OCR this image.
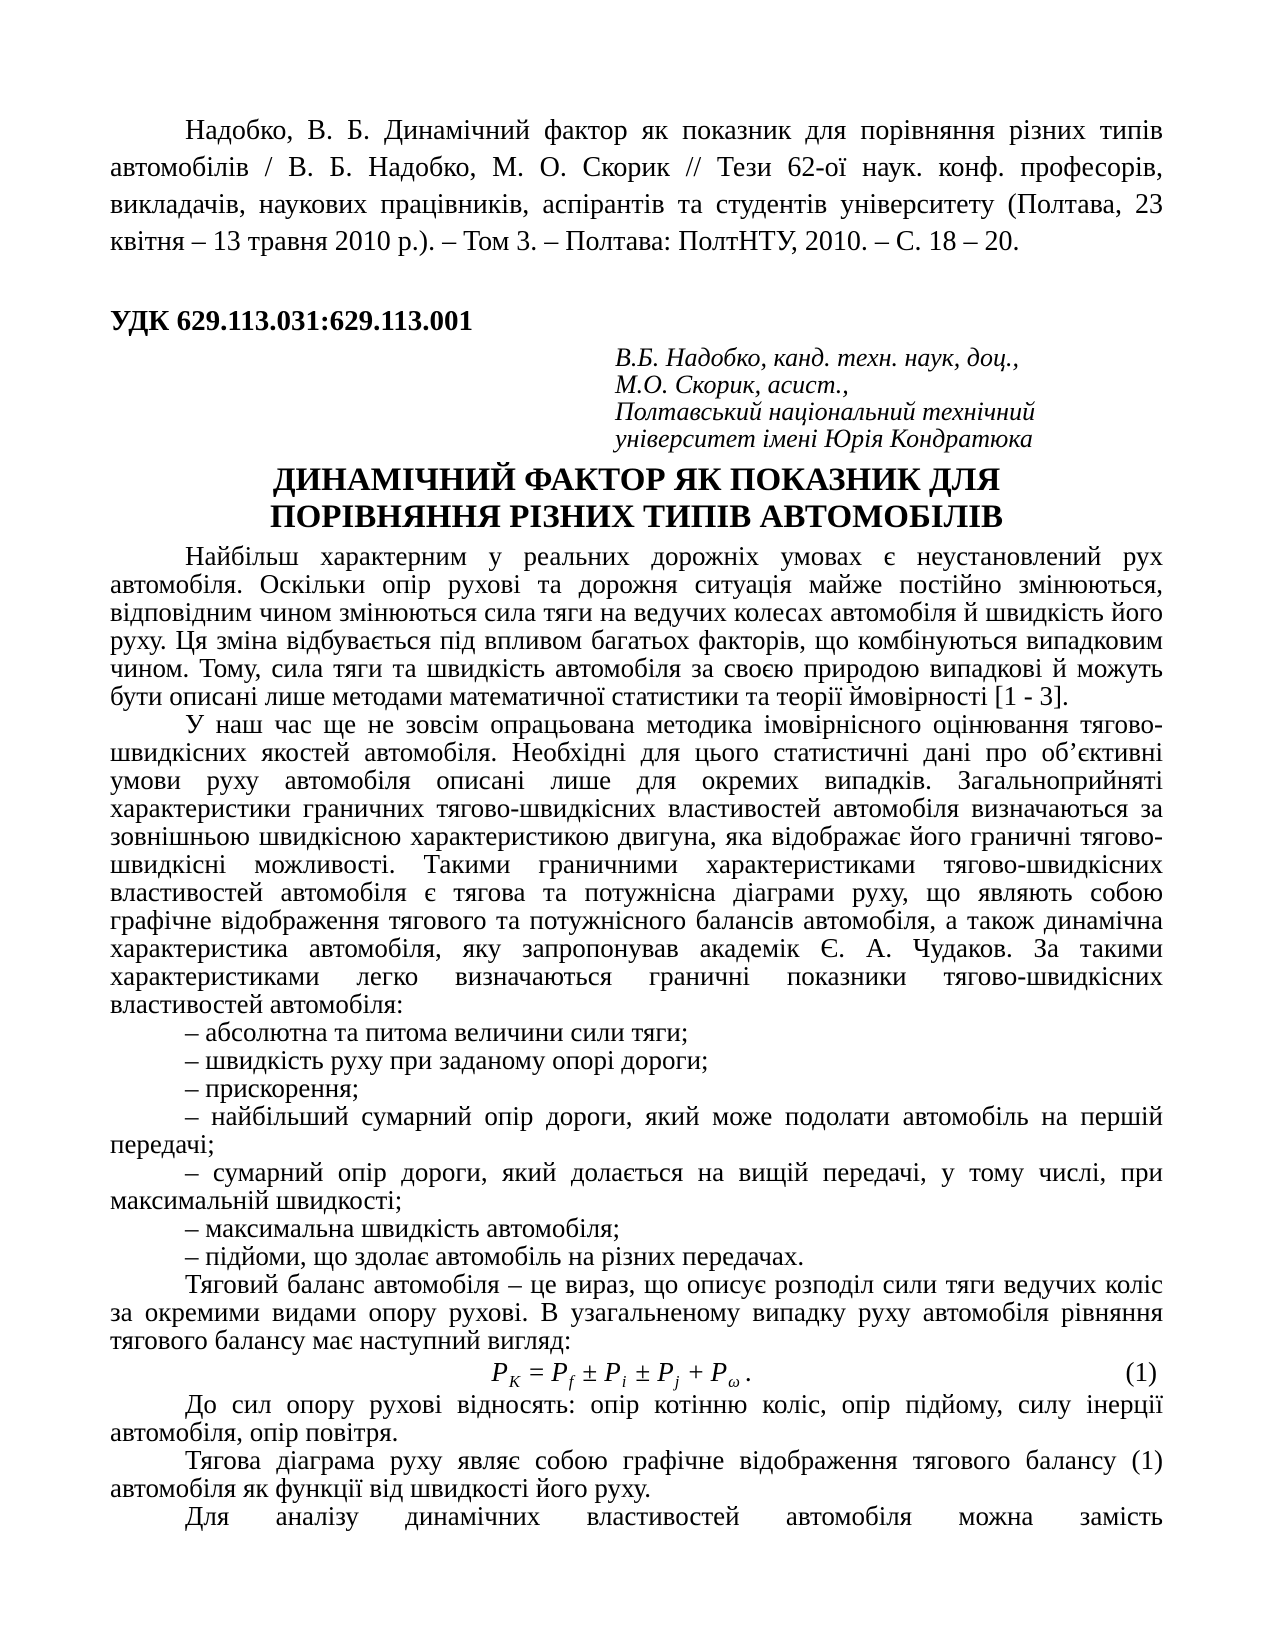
Надобко, В. Б. Динамічний фактор як показник для порівняння різних типів автомобілів / В. Б. Надобко, М. О. Скорик // Тези 62-ої наук. конф. професорів, викладачів, наукових працівників, аспірантів та студентів університету (Полтава, 23 квітня – 13 травня 2010 р.). – Том 3. – Полтава: ПолтНТУ, 2010. – С. 18 – 20.
УДК 629.113.031:629.113.001
В.Б. Надобко, канд. техн. наук, доц.,
М.О. Скорик, асист.,
Полтавський національний технічний
університет імені Юрія Кондратюка
ДИНАМІЧНИЙ ФАКТОР ЯК ПОКАЗНИК ДЛЯ
ПОРІВНЯННЯ РІЗНИХ ТИПІВ АВТОМОБІЛІВ

Найбільш характерним у реальних дорожніх умовах є неустановлений рух автомобіля. Оскільки опір рухові та дорожня ситуація майже постійно змінюються, відповідним чином змінюються сила тяги на ведучих колесах автомобіля й швидкість його руху. Ця зміна відбувається під впливом багатьох факторів, що комбінуються випадковим чином. Тому, сила тяги та швидкість автомобіля за своєю природою випадкові й можуть бути описані лише методами математичної статистики та теорії ймовірності [1 - 3].

У наш час ще не зовсім опрацьована методика імовірнісного оцінювання тягово-швидкісних якостей автомобіля. Необхідні для цього статистичні дані про об’єктивні умови руху автомобіля описані лише для окремих випадків. Загальноприйняті характеристики граничних тягово-швидкісних властивостей автомобіля визначаються за зовнішньою швидкісною характеристикою двигуна, яка відображає його граничні тягово-швидкісні можливості. Такими граничними характеристиками тягово-швидкісних властивостей автомобіля є тягова та потужнісна діаграми руху, що являють собою графічне відображення тягового та потужнісного балансів автомобіля, а також динамічна характеристика автомобіля, яку запропонував академік Є. А. Чудаков. За такими характеристиками легко визначаються граничні показники тягово-швидкісних властивостей автомобіля:

– абсолютна та питома величини сили тяги;

– швидкість руху при заданому опорі дороги;

– прискорення;

– найбільший сумарний опір дороги, який може подолати автомобіль на першій передачі;

– сумарний опір дороги, який долається на вищій передачі, у тому числі, при максимальній швидкості;

– максимальна швидкість автомобіля;

– підйоми, що здолає автомобіль на різних передачах.

Тяговий баланс автомобіля – це вираз, що описує розподіл сили тяги ведучих коліс за окремими видами опору рухові. В узагальненому випадку руху автомобіля рівняння тягового балансу має наступний вигляд:

$P_K = P_f \pm P_i \pm P_j + P_\omega$ .	(1)

До сил опору рухові відносять: опір котінню коліс, опір підйому, силу інерції автомобіля, опір повітря.

Тягова діаграма руху являє собою графічне відображення тягового балансу (1) автомобіля як функції від швидкості його руху.

Для аналізу динамічних властивостей автомобіля можна замість
